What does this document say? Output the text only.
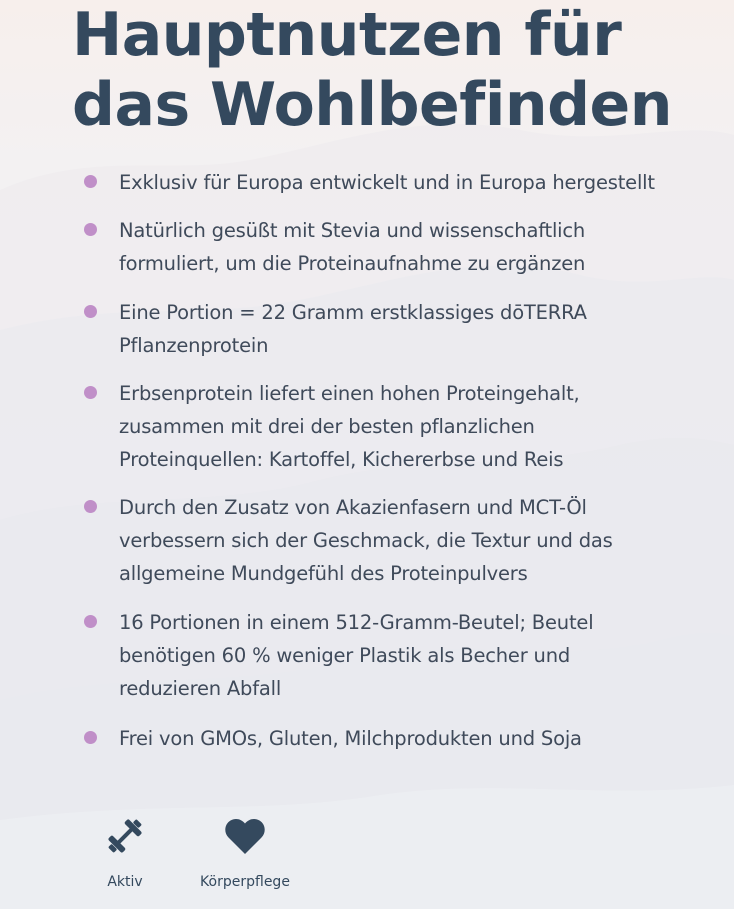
Hauptnutzen für
das Wohlbefinden
Exklusiv für Europa entwickelt und in Europa hergestellt
Natürlich gesüßt mit Stevia und wissenschaftlich
formuliert, um die Proteinaufnahme zu ergänzen
Eine Portion = 22 Gramm erstklassiges dōTERRA
Pflanzenprotein
Erbsenprotein liefert einen hohen Proteingehalt,
zusammen mit drei der besten pflanzlichen
Proteinquellen: Kartoffel, Kichererbse und Reis
Durch den Zusatz von Akazienfasern und MCT-Öl
verbessern sich der Geschmack, die Textur und das
allgemeine Mundgefühl des Proteinpulvers
16 Portionen in einem 512-Gramm-Beutel; Beutel
benötigen 60 % weniger Plastik als Becher und
reduzieren Abfall
Frei von GMOs, Gluten, Milchprodukten und Soja
Aktiv	Körperpflege
